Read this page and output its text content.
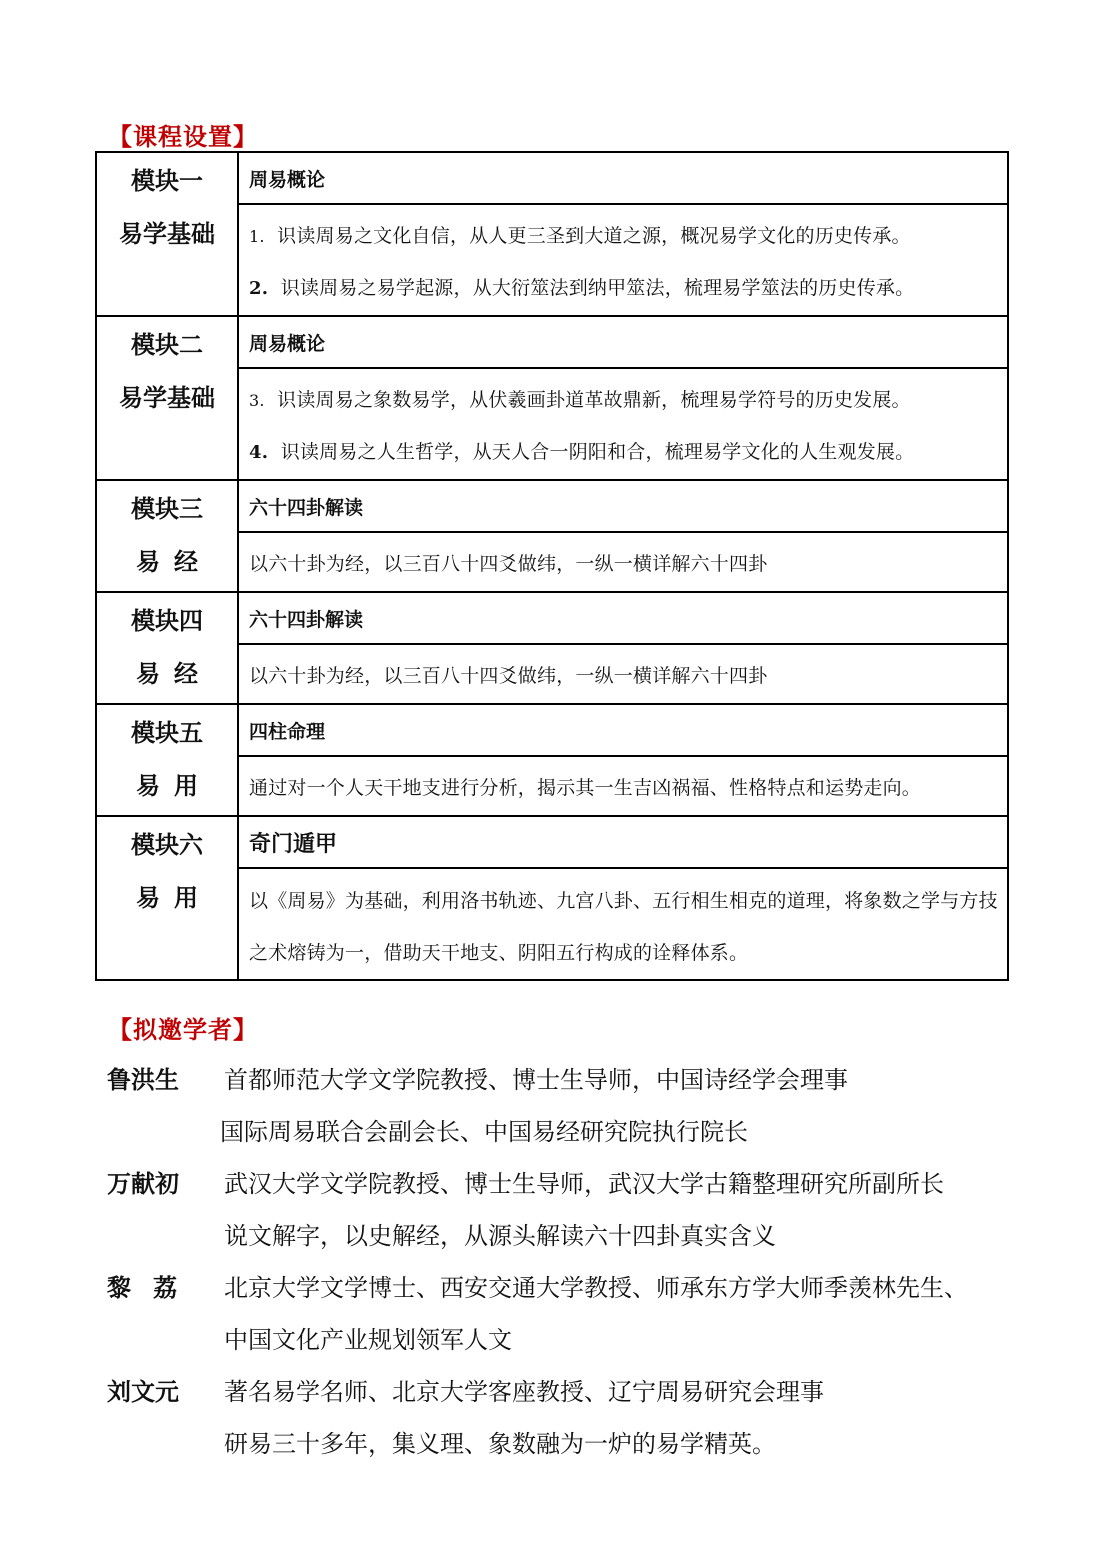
【课程设置】
模块一
易学基础	周易概论

	1. 识读周易之文化自信，从人更三圣到大道之源，概况易学文化的历史传承。
2. 识读周易之易学起源，从大衍筮法到纳甲筮法，梳理易学筮法的历史传承。

模块二
易学基础	周易概论

	3. 识读周易之象数易学，从伏羲画卦道革故鼎新，梳理易学符号的历史发展。
4. 识读周易之人生哲学，从天人合一阴阳和合，梳理易学文化的人生观发展。

模块三
易经	六十四卦解读

	以六十卦为经，以三百八十四爻做纬，一纵一横详解六十四卦

模块四
易经	六十四卦解读

	以六十卦为经，以三百八十四爻做纬，一纵一横详解六十四卦

模块五
易用	四柱命理

	通过对一个人天干地支进行分析，揭示其一生吉凶祸福、性格特点和运势走向。

模块六
易用	奇门遁甲

	以《周易》为基础，利用洛书轨迹、九宫八卦、五行相生相克的道理，将象数之学与方技之术熔铸为一，借助天干地支、阴阳五行构成的诠释体系。
【拟邀学者】
鲁洪生 首都师范大学文学院教授、博士生导师，中国诗经学会理事
国际周易联合会副会长、中国易经研究院执行院长
万献初 武汉大学文学院教授、博士生导师，武汉大学古籍整理研究所副所长
说文解字，以史解经，从源头解读六十四卦真实含义
黎荔 北京大学文学博士、西安交通大学教授、师承东方学大师季羡林先生、
中国文化产业规划领军人文
刘文元 著名易学名师、北京大学客座教授、辽宁周易研究会理事
研易三十多年，集义理、象数融为一炉的易学精英。
